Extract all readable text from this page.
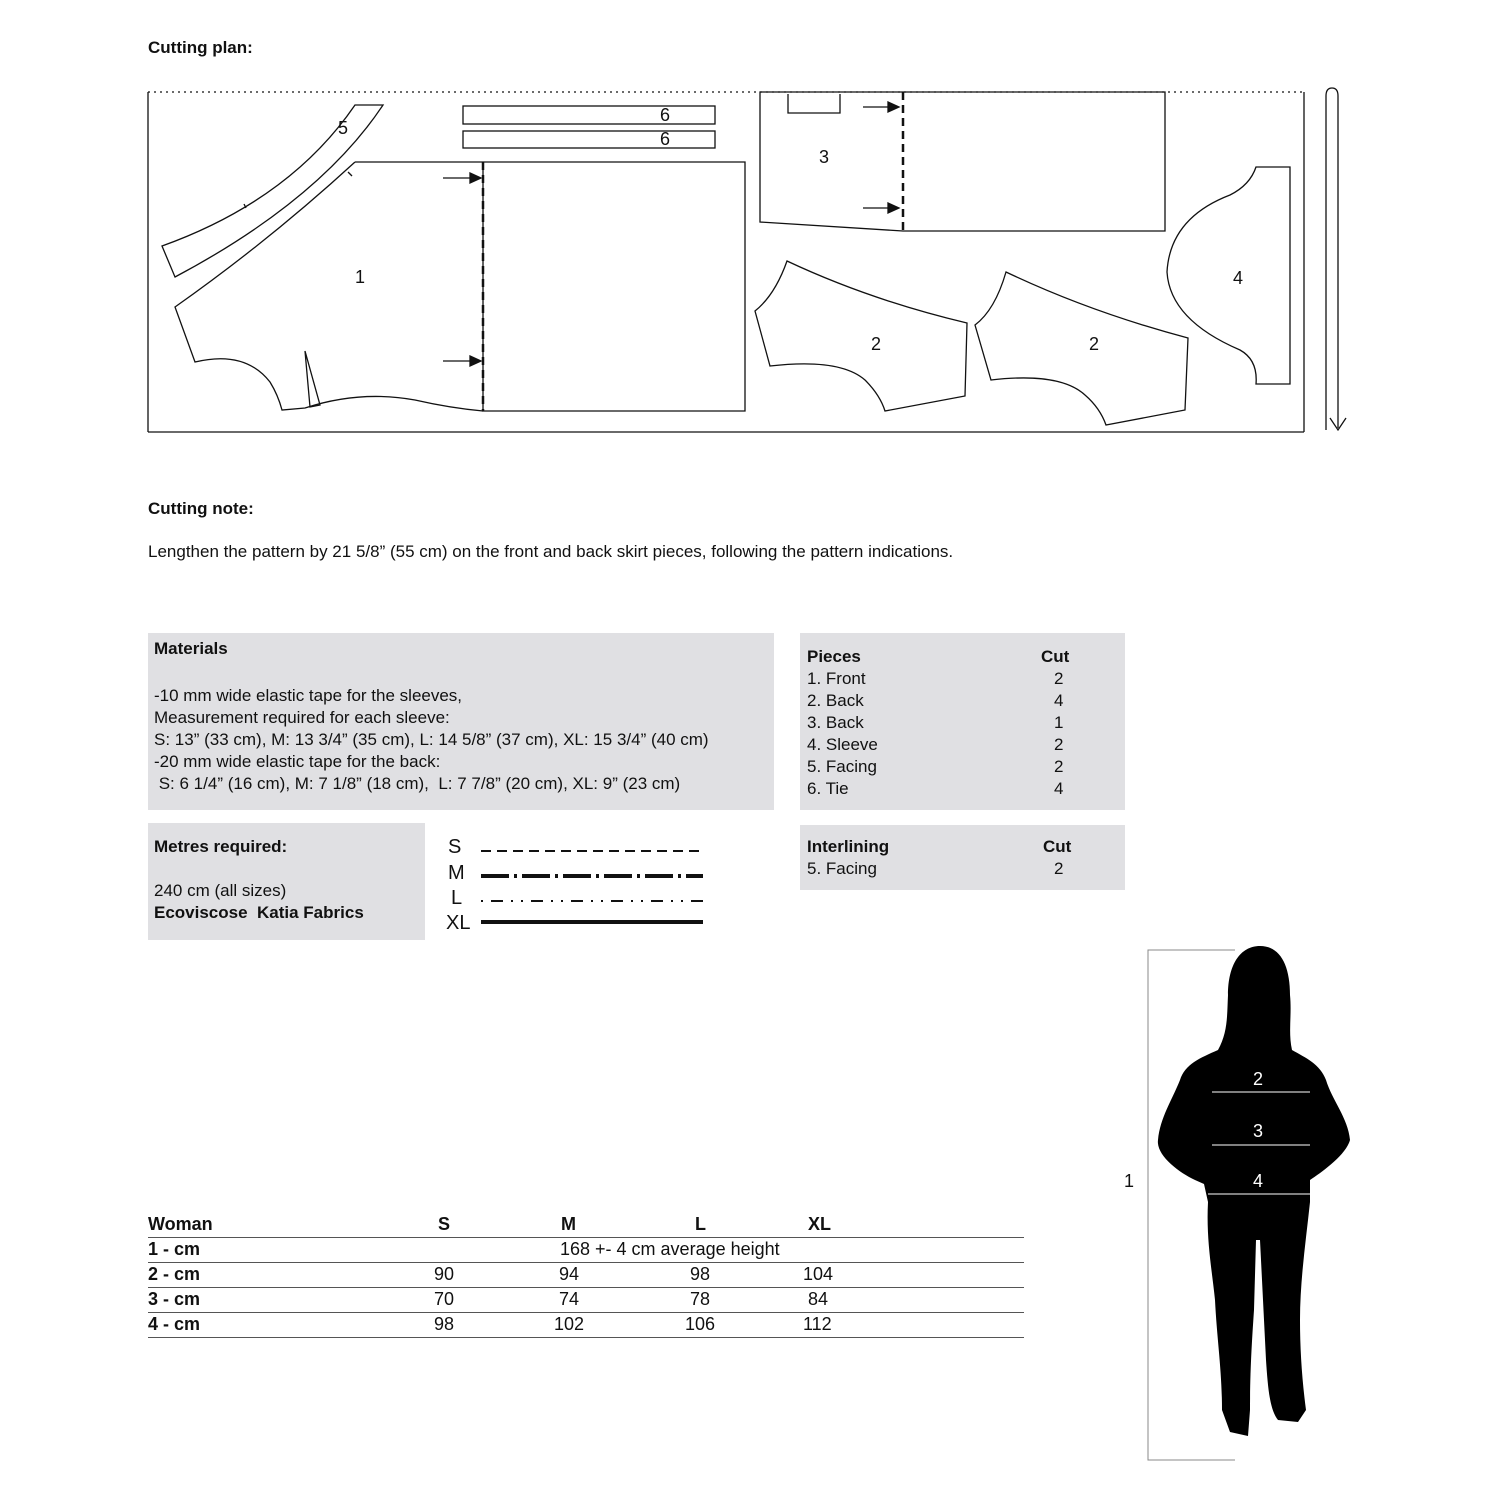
Cutting plan:
5
6
6
1
3
2	2
4
Cutting note:
Lengthen the pattern by 21 5/8” (55 cm) on the front and back skirt pieces, following the pattern indications.
Materials
-10 mm wide elastic tape for the sleeves,
Measurement required for each sleeve:
S: 13” (33 cm), M: 13 3/4” (35 cm), L: 14 5/8” (37 cm), XL: 15 3/4” (40 cm)
-20 mm wide elastic tape for the back:
S: 6 1/4” (16 cm), M: 7 1/8” (18 cm),  L: 7 7/8” (20 cm), XL: 9” (23 cm)
Pieces	Cut
1. Front	2
2. Back	4
3. Back	1
4. Sleeve	2
5. Facing	2
6. Tie	4
Interlining	Cut
5. Facing	2
Metres required:
240 cm (all sizes)
Ecoviscose  Katia Fabrics
S
M
L
XL
Woman	S	M	L	XL
1 - cm	168 +- 4 cm average height
2 - cm	90	94	98	104
3 - cm	70	74	78	84
4 - cm	98	102	106	112
1
2
3
4
